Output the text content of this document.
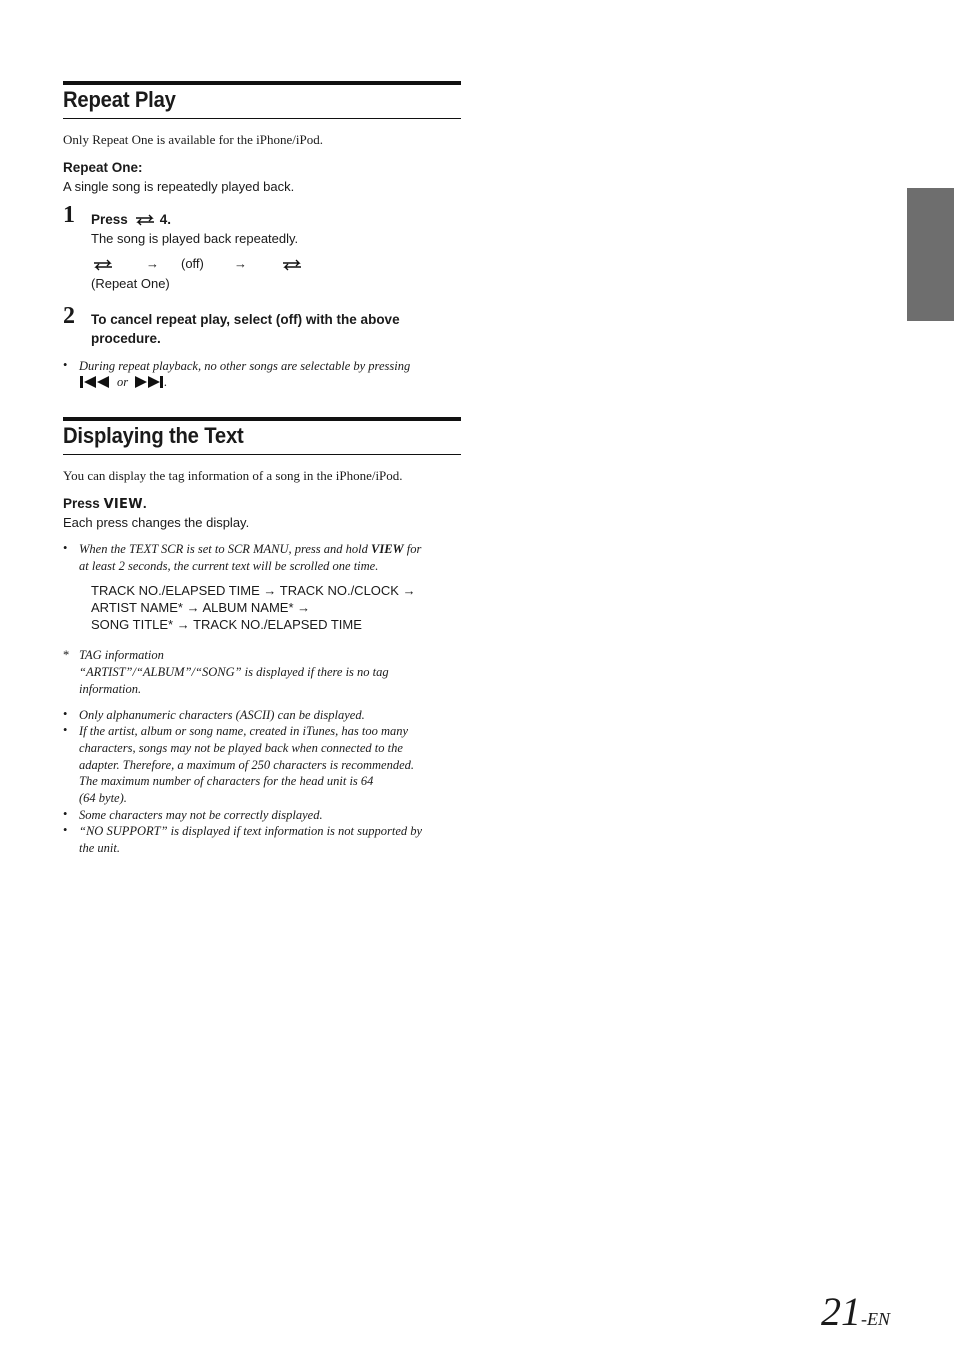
Repeat Play
Only Repeat One is available for the iPhone/iPod.
Repeat One:
A single song is repeatedly played back.
1 Press 4.
The song is played back repeatedly.
→ (off) →
(Repeat One)
2 To cancel repeat play, select (off) with the above
procedure.
• During repeat playback, no other songs are selectable by pressing
or	.
Displaying the Text
You can display the tag information of a song in the iPhone/iPod.
Press VIEW.
Each press changes the display.
• When the TEXT SCR is set to SCR MANU, press and hold VIEW for
at least 2 seconds, the current text will be scrolled one time.
TRACK NO./ELAPSED TIME → TRACK NO./CLOCK →
ARTIST NAME* → ALBUM NAME* →
SONG TITLE* → TRACK NO./ELAPSED TIME
* TAG information
“ARTIST”/“ALBUM”/“SONG” is displayed if there is no tag
information.
• Only alphanumeric characters (ASCII) can be displayed.
• If the artist, album or song name, created in iTunes, has too many
characters, songs may not be played back when connected to the
adapter. Therefore, a maximum of 250 characters is recommended.
The maximum number of characters for the head unit is 64
(64 byte).
• Some characters may not be correctly displayed.
• “NO SUPPORT” is displayed if text information is not supported by
the unit.
21-EN
